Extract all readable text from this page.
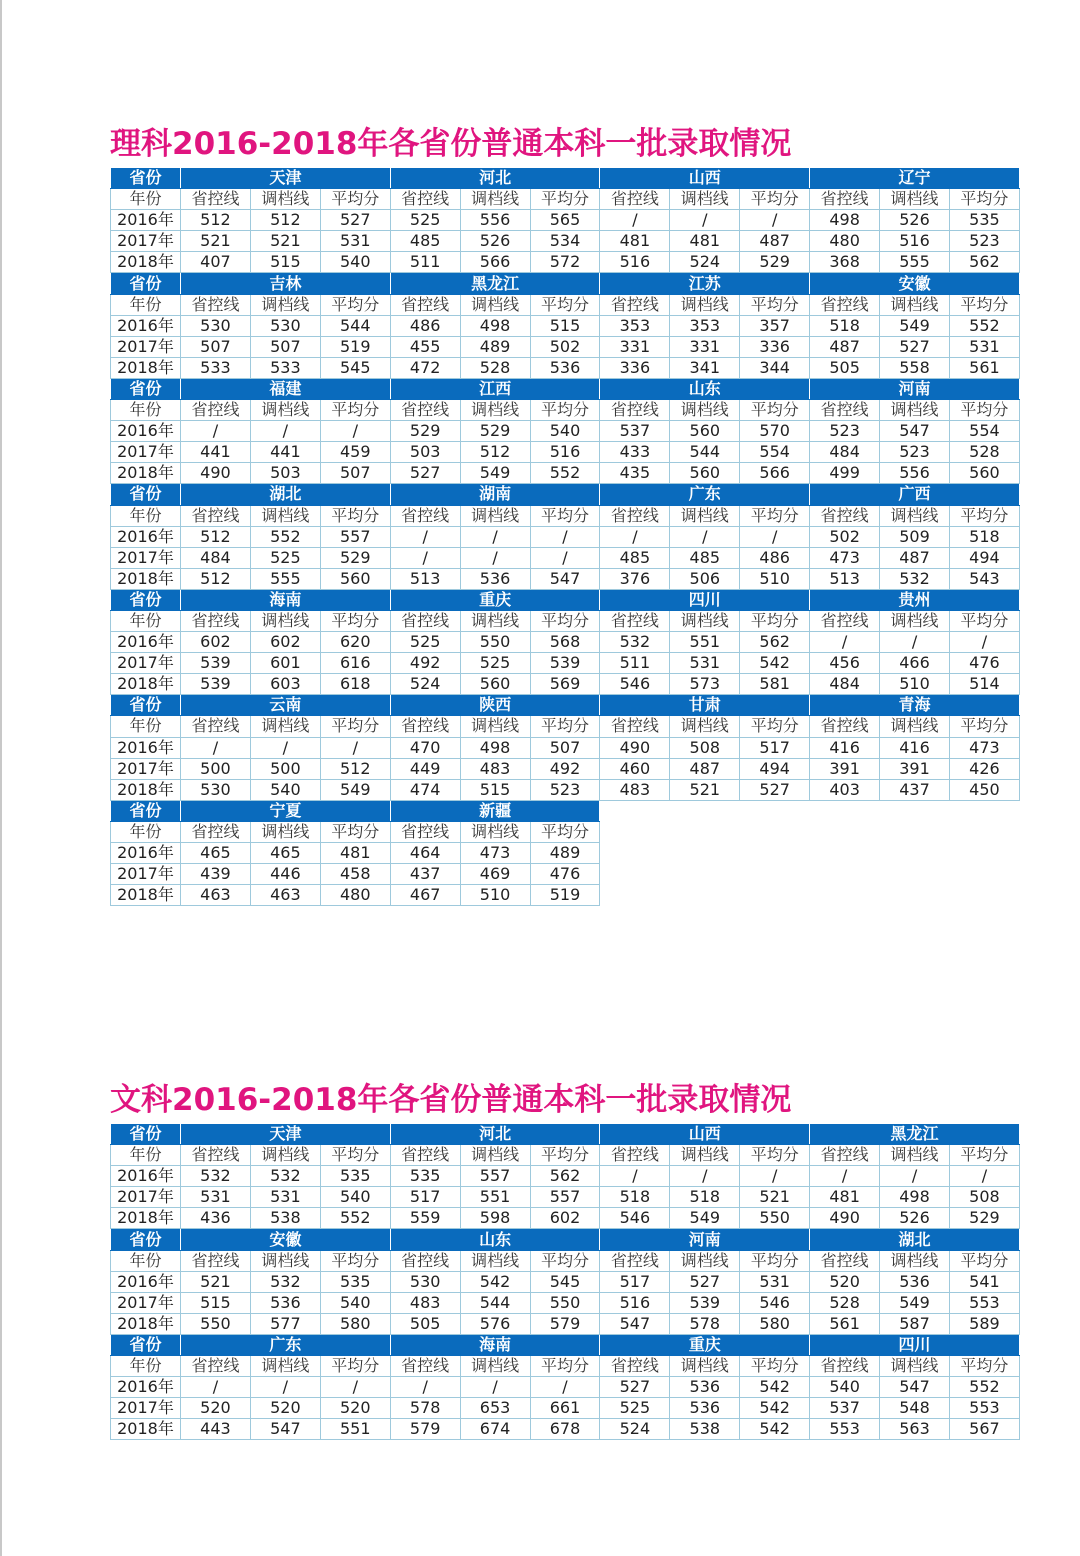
理科2016-2018年各省份普通本科一批录取情况
省份	天津			河北			山西			辽宁		
年份	省控线	调档线	平均分	省控线	调档线	平均分	省控线	调档线	平均分	省控线	调档线	平均分
2016年	512	512	527	525	556	565	/	/	/	498	526	535
2017年	521	521	531	485	526	534	481	481	487	480	516	523
2018年	407	515	540	511	566	572	516	524	529	368	555	562
省份	吉林			黑龙江			江苏			安徽		
年份	省控线	调档线	平均分	省控线	调档线	平均分	省控线	调档线	平均分	省控线	调档线	平均分
2016年	530	530	544	486	498	515	353	353	357	518	549	552
2017年	507	507	519	455	489	502	331	331	336	487	527	531
2018年	533	533	545	472	528	536	336	341	344	505	558	561
省份	福建			江西			山东			河南		
年份	省控线	调档线	平均分	省控线	调档线	平均分	省控线	调档线	平均分	省控线	调档线	平均分
2016年	/	/	/	529	529	540	537	560	570	523	547	554
2017年	441	441	459	503	512	516	433	544	554	484	523	528
2018年	490	503	507	527	549	552	435	560	566	499	556	560
省份	湖北			湖南			广东			广西		
年份	省控线	调档线	平均分	省控线	调档线	平均分	省控线	调档线	平均分	省控线	调档线	平均分
2016年	512	552	557	/	/	/	/	/	/	502	509	518
2017年	484	525	529	/	/	/	485	485	486	473	487	494
2018年	512	555	560	513	536	547	376	506	510	513	532	543
省份	海南			重庆			四川			贵州		
年份	省控线	调档线	平均分	省控线	调档线	平均分	省控线	调档线	平均分	省控线	调档线	平均分
2016年	602	602	620	525	550	568	532	551	562	/	/	/
2017年	539	601	616	492	525	539	511	531	542	456	466	476
2018年	539	603	618	524	560	569	546	573	581	484	510	514
省份	云南			陕西			甘肃			青海		
年份	省控线	调档线	平均分	省控线	调档线	平均分	省控线	调档线	平均分	省控线	调档线	平均分
2016年	/	/	/	470	498	507	490	508	517	416	416	473
2017年	500	500	512	449	483	492	460	487	494	391	391	426
2018年	530	540	549	474	515	523	483	521	527	403	437	450
省份	宁夏			新疆								
年份	省控线	调档线	平均分	省控线	调档线	平均分						
2016年	465	465	481	464	473	489						
2017年	439	446	458	437	469	476						
2018年	463	463	480	467	510	519						
文科2016-2018年各省份普通本科一批录取情况
省份	天津			河北			山西			黑龙江		
年份	省控线	调档线	平均分	省控线	调档线	平均分	省控线	调档线	平均分	省控线	调档线	平均分
2016年	532	532	535	535	557	562	/	/	/	/	/	/
2017年	531	531	540	517	551	557	518	518	521	481	498	508
2018年	436	538	552	559	598	602	546	549	550	490	526	529
省份	安徽			山东			河南			湖北		
年份	省控线	调档线	平均分	省控线	调档线	平均分	省控线	调档线	平均分	省控线	调档线	平均分
2016年	521	532	535	530	542	545	517	527	531	520	536	541
2017年	515	536	540	483	544	550	516	539	546	528	549	553
2018年	550	577	580	505	576	579	547	578	580	561	587	589
省份	广东			海南			重庆			四川		
年份	省控线	调档线	平均分	省控线	调档线	平均分	省控线	调档线	平均分	省控线	调档线	平均分
2016年	/	/	/	/	/	/	527	536	542	540	547	552
2017年	520	520	520	578	653	661	525	536	542	537	548	553
2018年	443	547	551	579	674	678	524	538	542	553	563	567
